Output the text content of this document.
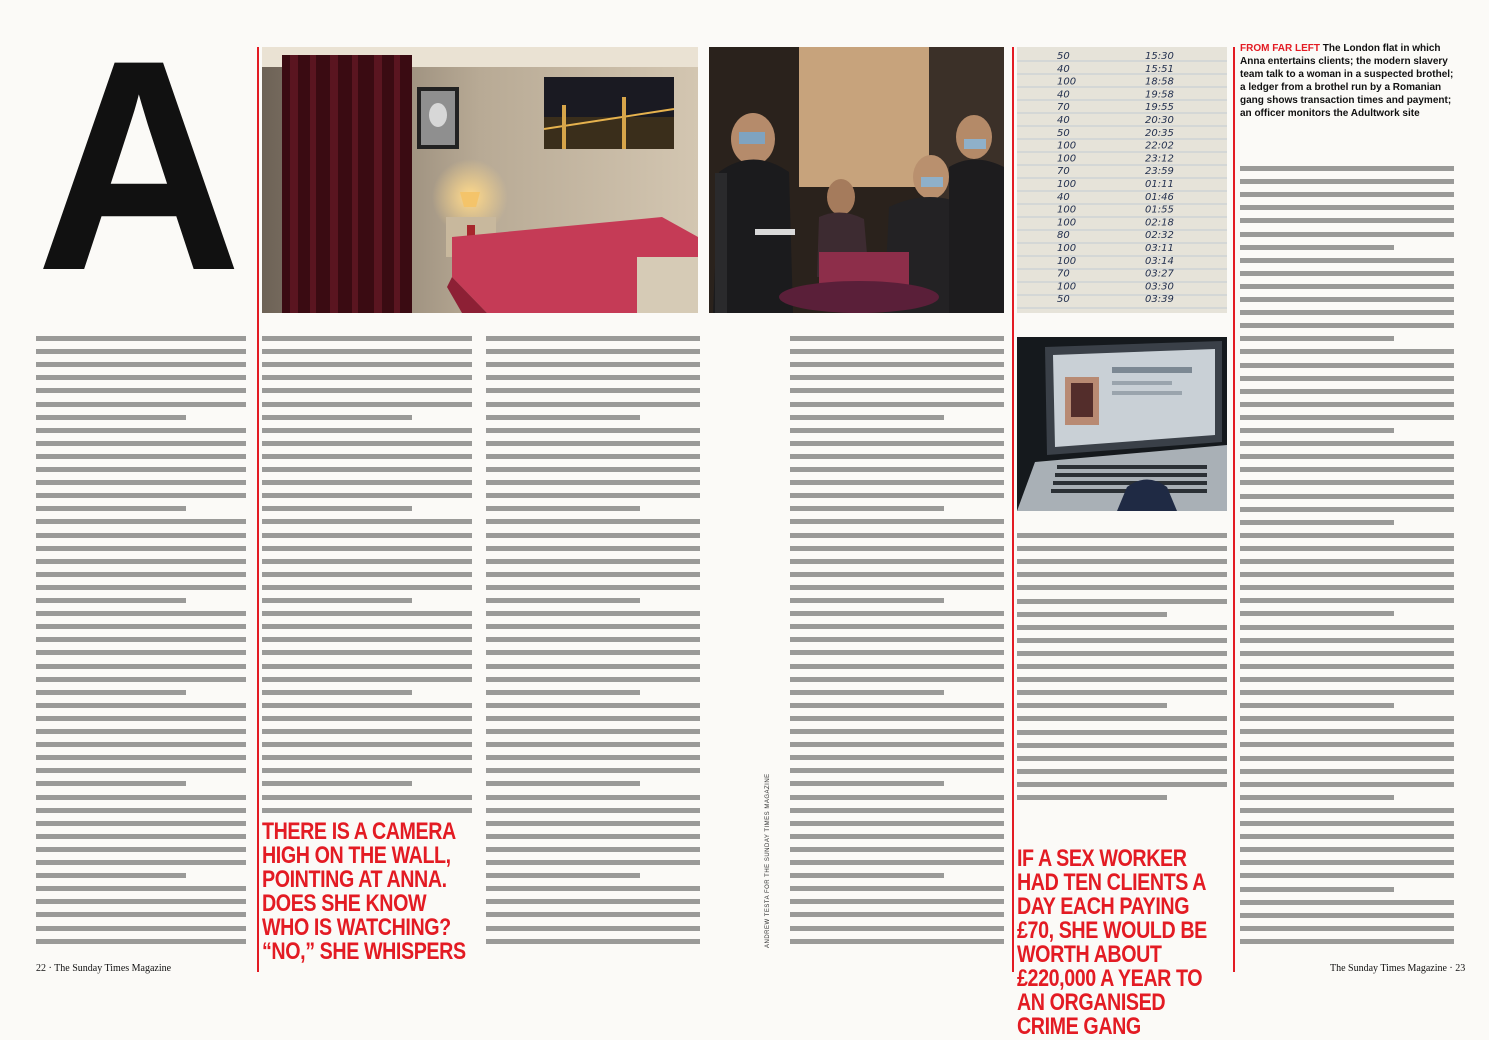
A	50	15:30
40	15:51
100	18:58
40	19:58
70	19:55
40	20:30
50	20:35
100	22:02
100	23:12
70	23:59
100	01:11
40	01:46
100	01:55
100	02:18
80	02:32
100	03:11
100	03:14
70	03:27
100	03:30
50	03:39
FROM FAR LEFT The London flat in which Anna entertains clients; the modern slavery team talk to a woman in a suspected brothel; a ledger from a brothel run by a Romanian gang shows transaction times and payment; an officer monitors the Adultwork site
THERE IS A CAMERA HIGH ON THE WALL, POINTING AT ANNA. DOES SHE KNOW WHO IS WATCHING? “NO,” SHE WHISPERS
IF A SEX WORKER HAD TEN CLIENTS A DAY EACH PAYING £70, SHE WOULD BE WORTH ABOUT £220,000 A YEAR TO AN ORGANISED CRIME GANG
ANDREW TESTA FOR THE SUNDAY TIMES MAGAZINE
22 · The Sunday Times Magazine	The Sunday Times Magazine · 23
